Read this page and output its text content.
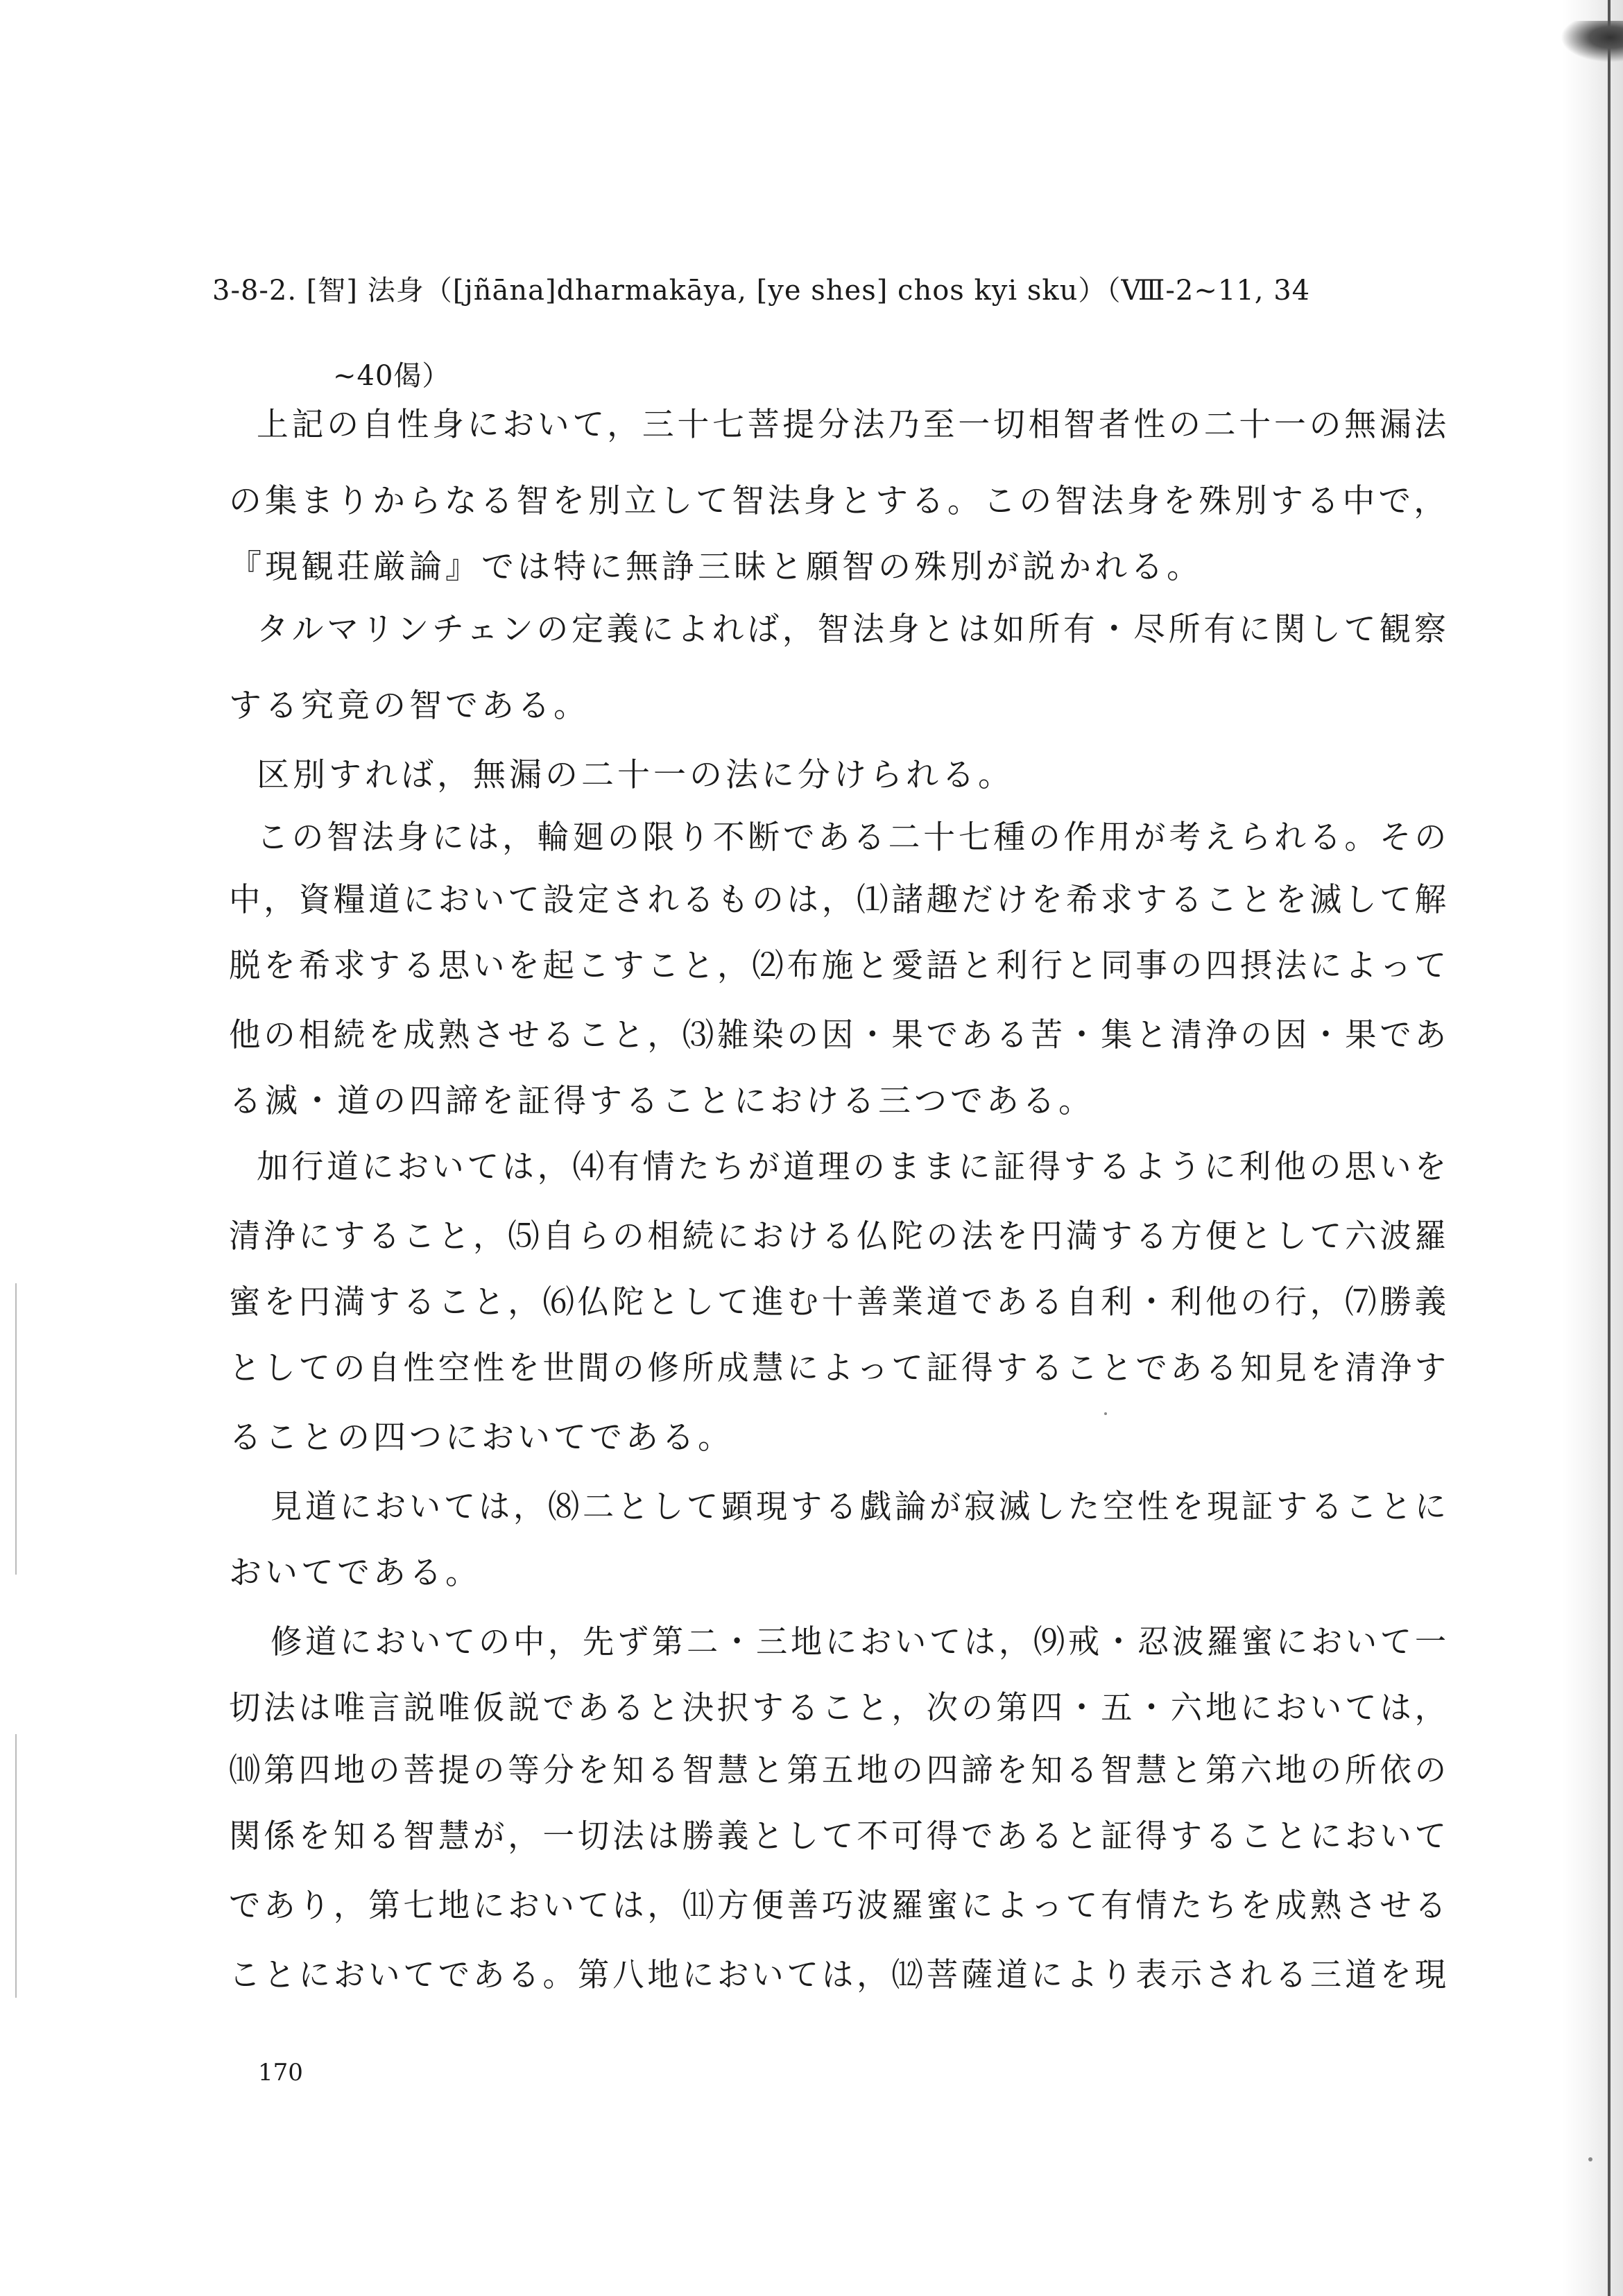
3-8-2. [智] 法身（[jñāna]dharmakāya, [ye shes] chos kyi sku）（Ⅷ-2~11, 34
~40偈）
上記の自性身において，三十七菩提分法乃至一切相智者性の二十一の無漏法
の集まりからなる智を別立して智法身とする。この智法身を殊別する中で，
『現観荘厳論』では特に無諍三昧と願智の殊別が説かれる。
タルマリンチェンの定義によれば，智法身とは如所有・尽所有に関して観察
する究竟の智である。
区別すれば，無漏の二十一の法に分けられる。
この智法身には，輪廻の限り不断である二十七種の作用が考えられる。その
中，資糧道において設定されるものは，⑴諸趣だけを希求することを滅して解
脱を希求する思いを起こすこと，⑵布施と愛語と利行と同事の四摂法によって
他の相続を成熟させること，⑶雑染の因・果である苦・集と清浄の因・果であ
る滅・道の四諦を証得することにおける三つである。
加行道においては，⑷有情たちが道理のままに証得するように利他の思いを
清浄にすること，⑸自らの相続における仏陀の法を円満する方便として六波羅
蜜を円満すること，⑹仏陀として進む十善業道である自利・利他の行，⑺勝義
としての自性空性を世間の修所成慧によって証得することである知見を清浄す
ることの四つにおいてである。
見道においては，⑻二として顕現する戯論が寂滅した空性を現証することに
おいてである。
修道においての中，先ず第二・三地においては，⑼戒・忍波羅蜜において一
切法は唯言説唯仮説であると決択すること，次の第四・五・六地においては，
⑽第四地の菩提の等分を知る智慧と第五地の四諦を知る智慧と第六地の所依の
関係を知る智慧が，一切法は勝義として不可得であると証得することにおいて
であり，第七地においては，⑾方便善巧波羅蜜によって有情たちを成熟させる
ことにおいてである。第八地においては，⑿菩薩道により表示される三道を現
170
